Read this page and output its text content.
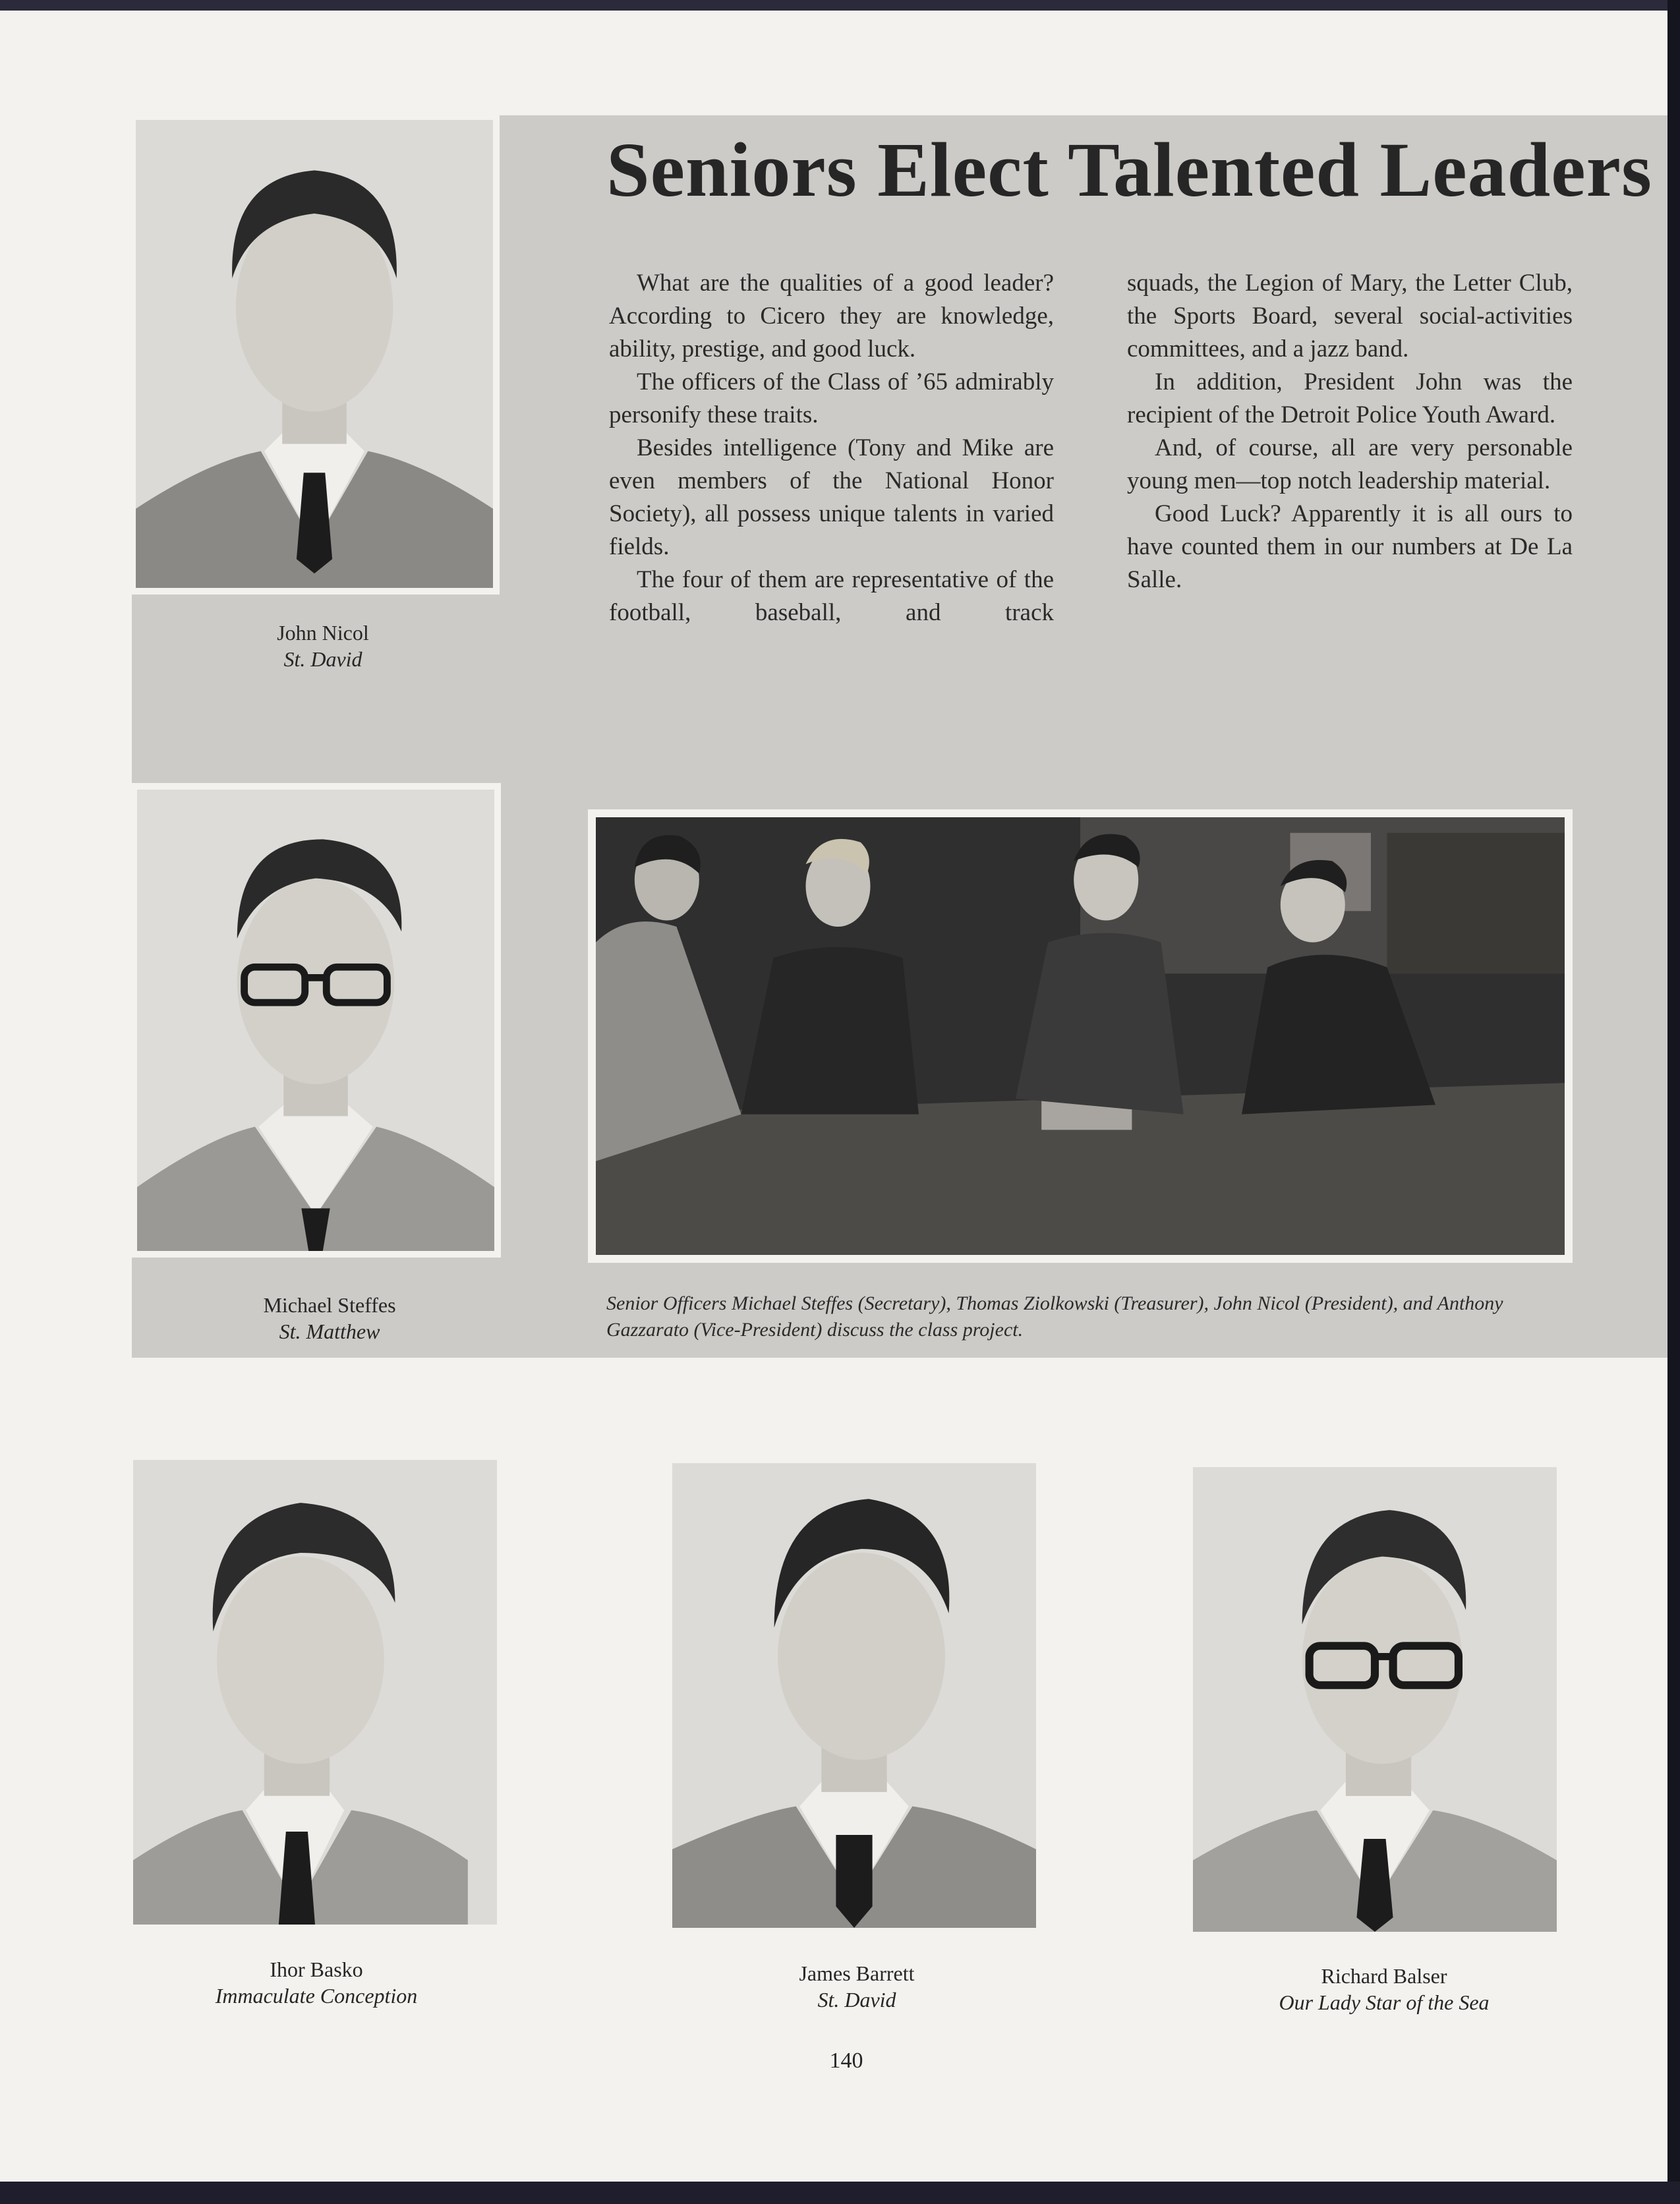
John Nicol
St. David
Seniors Elect Talented Leaders

What are the qualities of a good leader? According to Cicero they are knowledge, ability, prestige, and good luck.

The officers of the Class of ’65 admirably personify these traits.

Besides intelligence (Tony and Mike are even members of the National Honor Society), all possess unique talents in varied fields.

The four of them are representative of the football, baseball, and track

squads, the Legion of Mary, the Letter Club, the Sports Board, several social-activities committees, and a jazz band.

In addition, President John was the recipient of the Detroit Police Youth Award.

And, of course, all are very personable young men—top notch leadership material.

Good Luck? Apparently it is all ours to have counted them in our numbers at De La Salle.

Michael Steffes
St. Matthew
Senior Officers Michael Steffes (Secretary), Thomas Ziolkowski (Treasurer), John Nicol (President), and Anthony Gazzarato (Vice-President) discuss the class project.
Ihor Basko
Immaculate Conception
James Barrett
St. David
Richard Balser
Our Lady Star of the Sea
140
